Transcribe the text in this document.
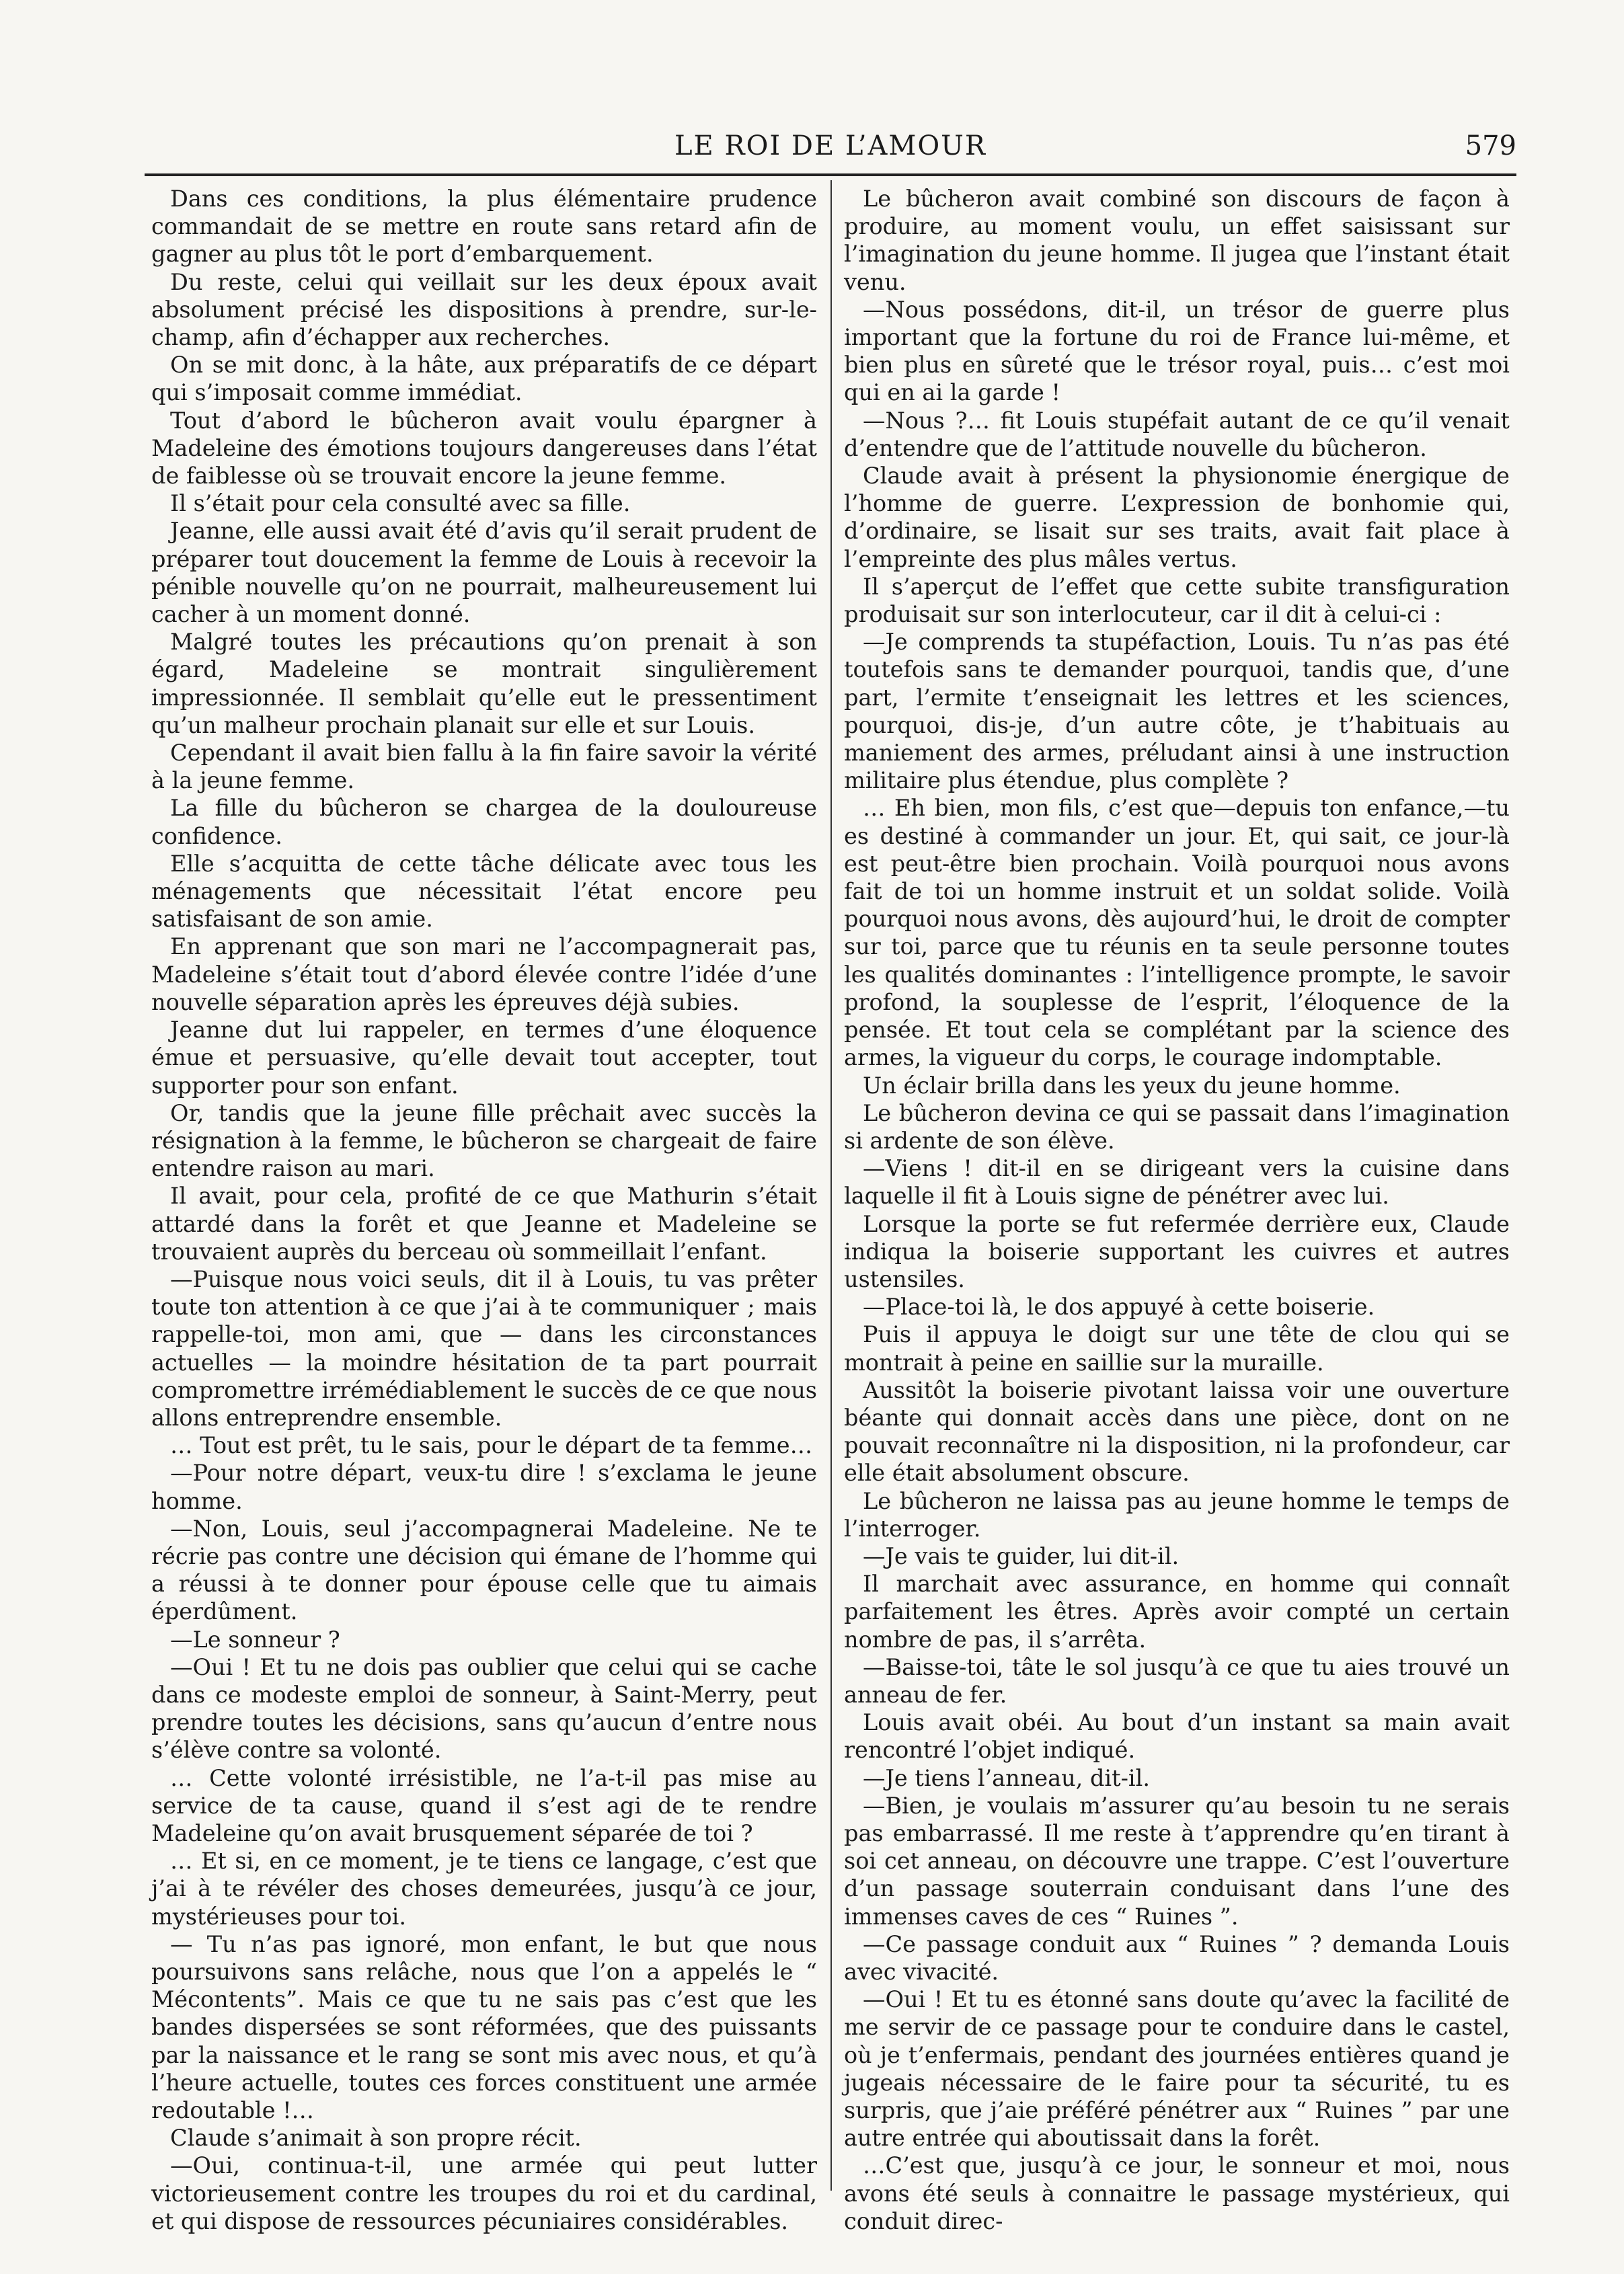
LE ROI DE L’AMOUR	579

Dans ces conditions, la plus élémentaire prudence commandait de se mettre en route sans retard afin de gagner au plus tôt le port d’embarquement.

Du reste, celui qui veillait sur les deux époux avait absolument précisé les dispositions à prendre, sur-le-champ, afin d’échapper aux recherches.

On se mit donc, à la hâte, aux préparatifs de ce départ qui s’imposait comme immédiat.

Tout d’abord le bûcheron avait voulu épargner à Madeleine des émotions toujours dangereuses dans l’état de faiblesse où se trouvait encore la jeune femme.

Il s’était pour cela consulté avec sa fille.

Jeanne, elle aussi avait été d’avis qu’il serait prudent de préparer tout doucement la femme de Louis à recevoir la pénible nouvelle qu’on ne pourrait, malheureusement lui cacher à un moment donné.

Malgré toutes les précautions qu’on prenait à son égard, Madeleine se montrait singulièrement impressionnée. Il semblait qu’elle eut le pressentiment qu’un malheur prochain planait sur elle et sur Louis.

Cependant il avait bien fallu à la fin faire savoir la vérité à la jeune femme.

La fille du bûcheron se chargea de la douloureuse confidence.

Elle s’acquitta de cette tâche délicate avec tous les ménagements que nécessitait l’état encore peu satisfaisant de son amie.

En apprenant que son mari ne l’accompagnerait pas, Madeleine s’était tout d’abord élevée contre l’idée d’une nouvelle séparation après les épreuves déjà subies.

Jeanne dut lui rappeler, en termes d’une éloquence émue et persuasive, qu’elle devait tout accepter, tout supporter pour son enfant.

Or, tandis que la jeune fille prêchait avec succès la résignation à la femme, le bûcheron se chargeait de faire entendre raison au mari.

Il avait, pour cela, profité de ce que Mathurin s’était attardé dans la forêt et que Jeanne et Madeleine se trouvaient auprès du berceau où sommeillait l’enfant.

—Puisque nous voici seuls, dit il à Louis, tu vas prêter toute ton attention à ce que j’ai à te communiquer ; mais rappelle-toi, mon ami, que — dans les circonstances actuelles — la moindre hésitation de ta part pourrait compromettre irrémédiablement le succès de ce que nous allons entreprendre ensemble.

… Tout est prêt, tu le sais, pour le départ de ta femme…

—Pour notre départ, veux-tu dire ! s’exclama le jeune homme.

—Non, Louis, seul j’accompagnerai Madeleine. Ne te récrie pas contre une décision qui émane de l’homme qui a réussi à te donner pour épouse celle que tu aimais éperdûment.

—Le sonneur ?

—Oui ! Et tu ne dois pas oublier que celui qui se cache dans ce modeste emploi de sonneur, à Saint-Merry, peut prendre toutes les décisions, sans qu’aucun d’entre nous s’élève contre sa volonté.

… Cette volonté irrésistible, ne l’a-t-il pas mise au service de ta cause, quand il s’est agi de te rendre Madeleine qu’on avait brusquement séparée de toi ?

… Et si, en ce moment, je te tiens ce langage, c’est que j’ai à te révéler des choses demeurées, jusqu’à ce jour, mystérieuses pour toi.

— Tu n’as pas ignoré, mon enfant, le but que nous poursuivons sans relâche, nous que l’on a appelés le “ Mécontents”. Mais ce que tu ne sais pas c’est que les bandes dispersées se sont réformées, que des puissants par la naissance et le rang se sont mis avec nous, et qu’à l’heure actuelle, toutes ces forces constituent une armée redoutable !…

Claude s’animait à son propre récit.

—Oui, continua-t-il, une armée qui peut lutter victorieusement contre les troupes du roi et du cardinal, et qui dispose de ressources pécuniaires considérables.

Le bûcheron avait combiné son discours de façon à produire, au moment voulu, un effet saisissant sur l’imagination du jeune homme. Il jugea que l’instant était venu.

—Nous possédons, dit-il, un trésor de guerre plus important que la fortune du roi de France lui-même, et bien plus en sûreté que le trésor royal, puis… c’est moi qui en ai la garde !

—Nous ?… fit Louis stupéfait autant de ce qu’il venait d’entendre que de l’attitude nouvelle du bûcheron.

Claude avait à présent la physionomie énergique de l’homme de guerre. L’expression de bonhomie qui, d’ordinaire, se lisait sur ses traits, avait fait place à l’empreinte des plus mâles vertus.

Il s’aperçut de l’effet que cette subite transfiguration produisait sur son interlocuteur, car il dit à celui-ci :

—Je comprends ta stupéfaction, Louis. Tu n’as pas été toutefois sans te demander pourquoi, tandis que, d’une part, l’ermite t’enseignait les lettres et les sciences, pourquoi, dis-je, d’un autre côte, je t’habituais au maniement des armes, préludant ainsi à une instruction militaire plus étendue, plus complète ?

… Eh bien, mon fils, c’est que—depuis ton enfance,—tu es destiné à commander un jour. Et, qui sait, ce jour-là est peut-être bien prochain. Voilà pourquoi nous avons fait de toi un homme instruit et un soldat solide. Voilà pourquoi nous avons, dès aujourd’hui, le droit de compter sur toi, parce que tu réunis en ta seule personne toutes les qualités dominantes : l’intelligence prompte, le savoir profond, la souplesse de l’esprit, l’éloquence de la pensée. Et tout cela se complétant par la science des armes, la vigueur du corps, le courage indomptable.

Un éclair brilla dans les yeux du jeune homme.

Le bûcheron devina ce qui se passait dans l’imagination si ardente de son élève.

—Viens ! dit-il en se dirigeant vers la cuisine dans laquelle il fit à Louis signe de pénétrer avec lui.

Lorsque la porte se fut refermée derrière eux, Claude indiqua la boiserie supportant les cuivres et autres ustensiles.

—Place-toi là, le dos appuyé à cette boiserie.

Puis il appuya le doigt sur une tête de clou qui se montrait à peine en saillie sur la muraille.

Aussitôt la boiserie pivotant laissa voir une ouverture béante qui donnait accès dans une pièce, dont on ne pouvait reconnaître ni la disposition, ni la profondeur, car elle était absolument obscure.

Le bûcheron ne laissa pas au jeune homme le temps de l’interroger.

—Je vais te guider, lui dit-il.

Il marchait avec assurance, en homme qui connaît parfaitement les êtres. Après avoir compté un certain nombre de pas, il s’arrêta.

—Baisse-toi, tâte le sol jusqu’à ce que tu aies trouvé un anneau de fer.

Louis avait obéi. Au bout d’un instant sa main avait rencontré l’objet indiqué.

—Je tiens l’anneau, dit-il.

—Bien, je voulais m’assurer qu’au besoin tu ne serais pas embarrassé. Il me reste à t’apprendre qu’en tirant à soi cet anneau, on découvre une trappe. C’est l’ouverture d’un passage souterrain conduisant dans l’une des immenses caves de ces “ Ruines ”.

—Ce passage conduit aux “ Ruines ” ? demanda Louis avec vivacité.

—Oui ! Et tu es étonné sans doute qu’avec la facilité de me servir de ce passage pour te conduire dans le castel, où je t’enfermais, pendant des journées entières quand je jugeais nécessaire de le faire pour ta sécurité, tu es surpris, que j’aie préféré pénétrer aux “ Ruines ” par une autre entrée qui aboutissait dans la forêt.

…C’est que, jusqu’à ce jour, le sonneur et moi, nous avons été seuls à connaitre le passage mystérieux, qui conduit direc-
